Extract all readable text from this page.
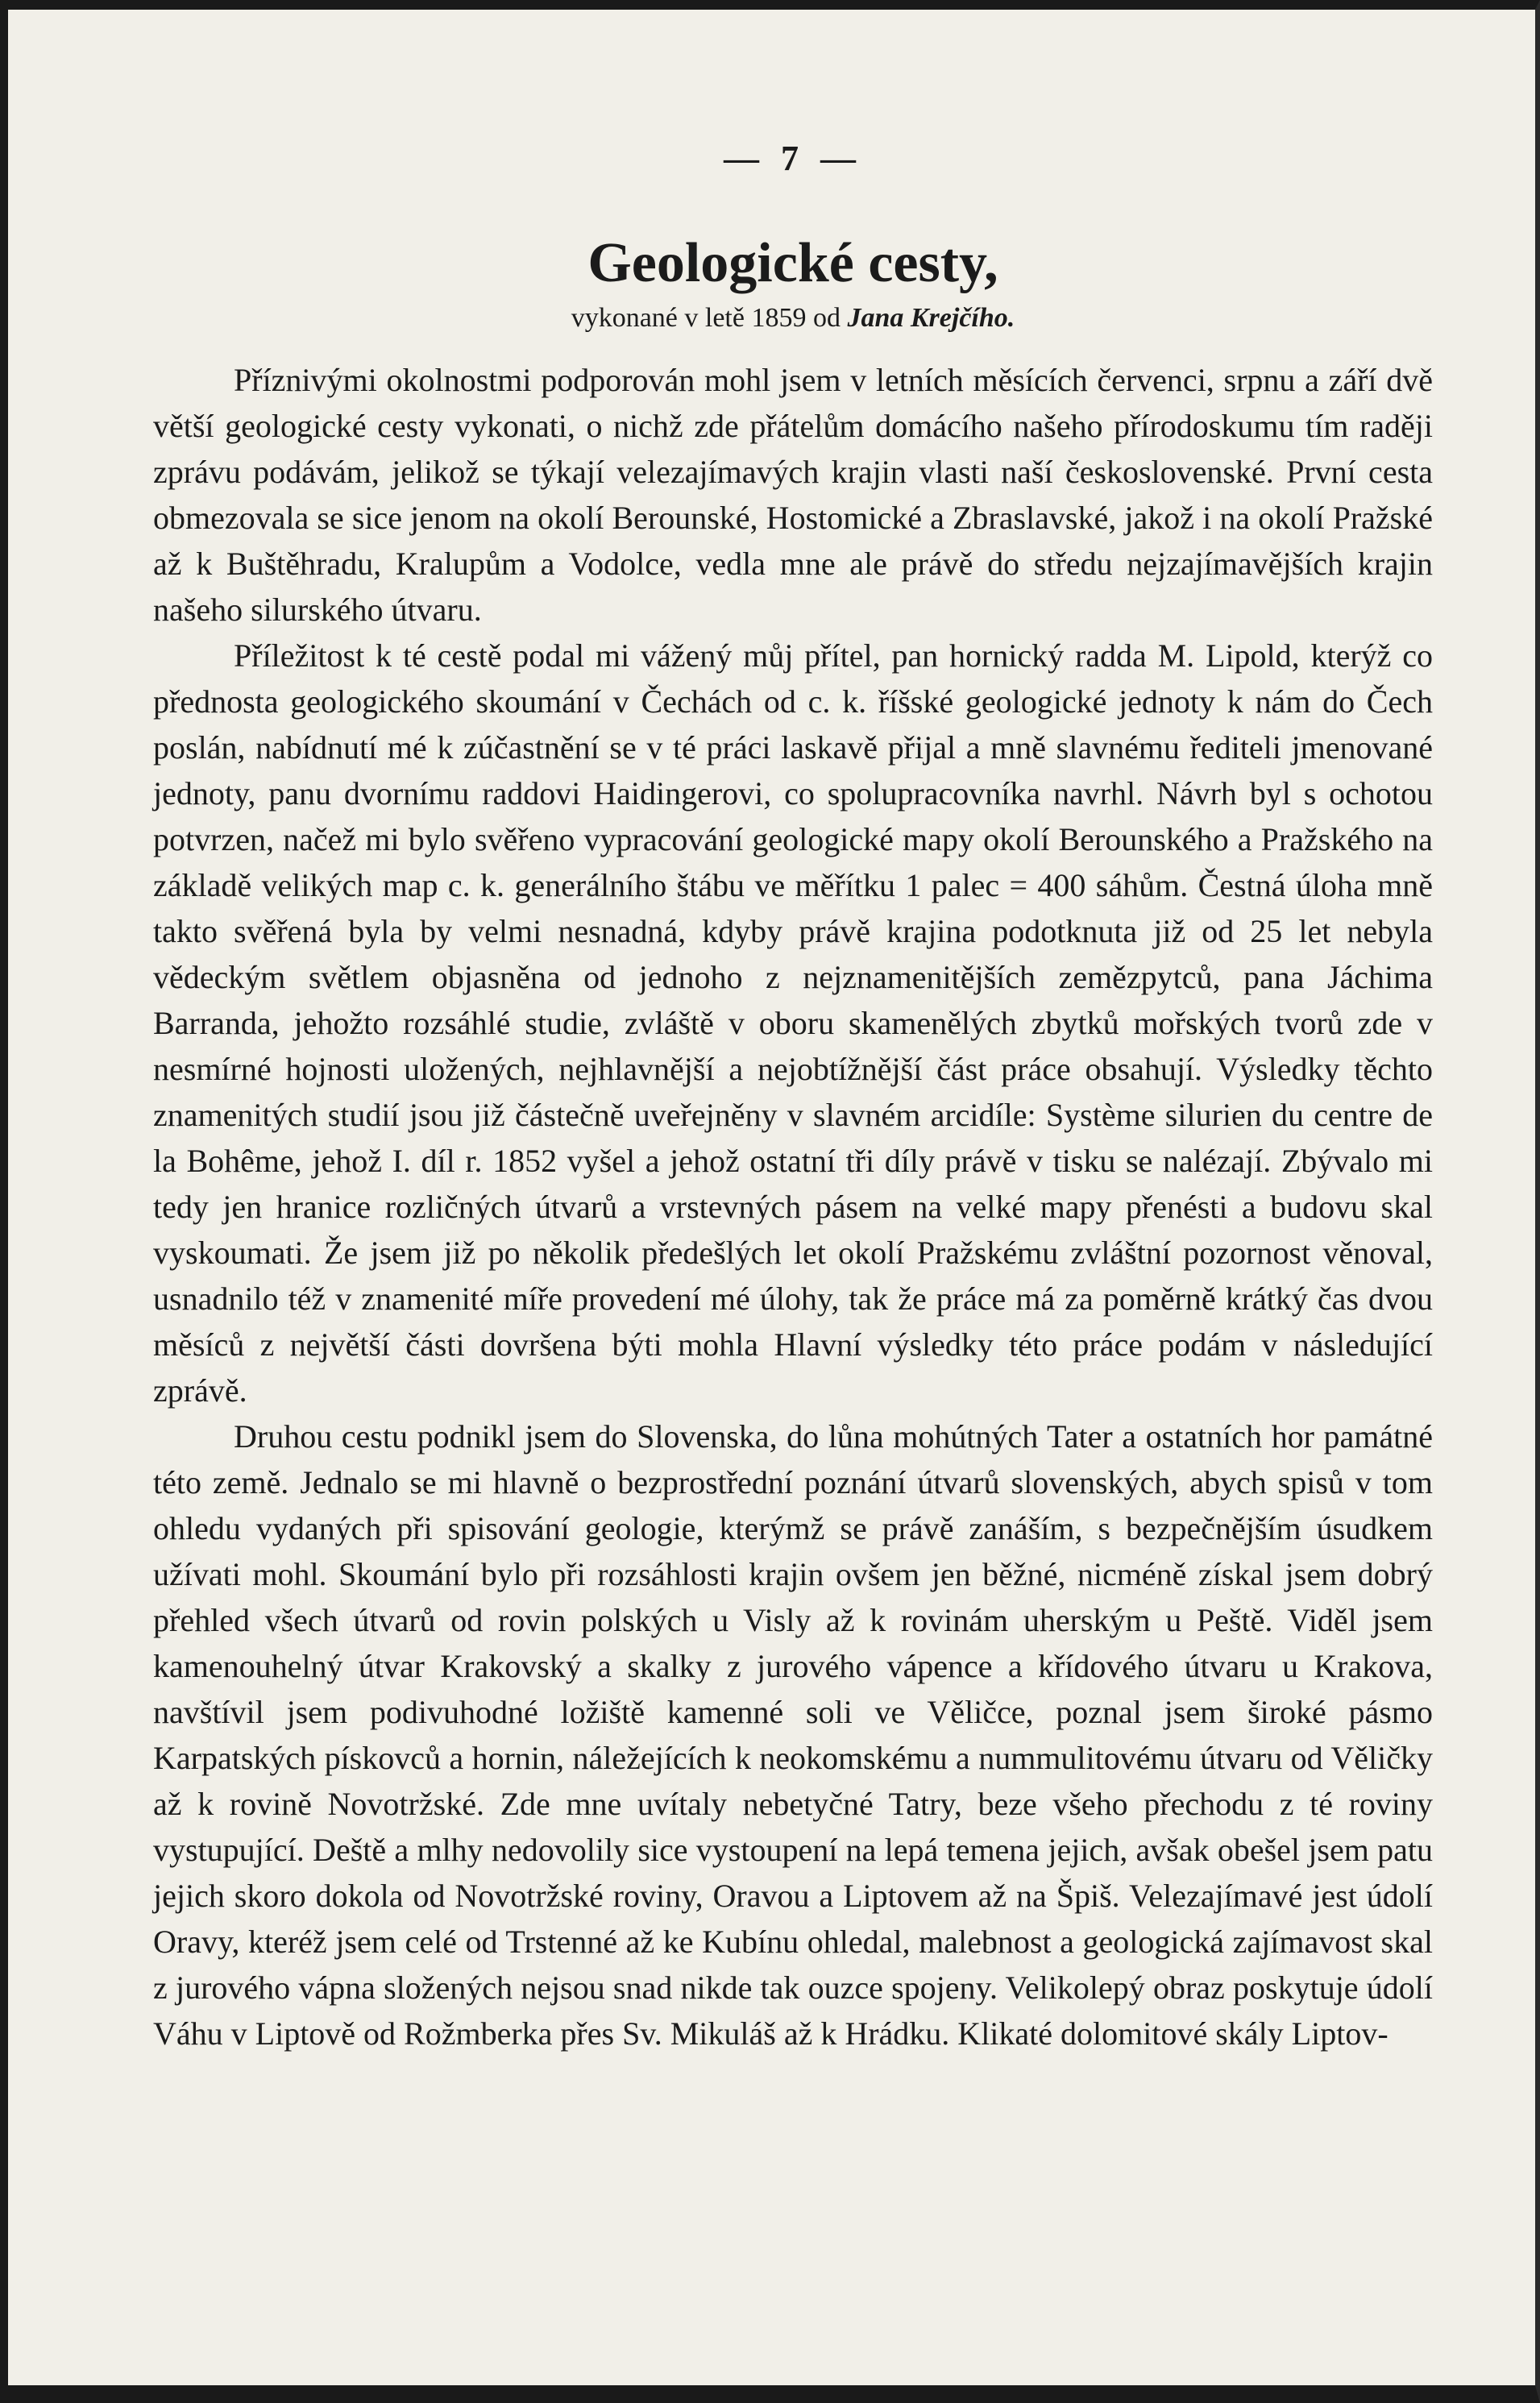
— 7 —
Geologické cesty,
vykonané v letě 1859 od Jana Krejčího.

Příznivými okolnostmi podporován mohl jsem v letních měsících červenci, srpnu a září dvě větší geologické cesty vykonati, o nichž zde přátelům domácího našeho přírodoskumu tím raději zprávu podávám, jelikož se týkají velezajímavých krajin vlasti naší československé. První cesta obmezovala se sice jenom na okolí Berounské, Hostomické a Zbraslavské, jakož i na okolí Pražské až k Buštěhradu, Kralupům a Vodolce, vedla mne ale právě do středu nejzajímavějších krajin našeho silurského útvaru.

Příležitost k té cestě podal mi vážený můj přítel, pan hornický radda M. Lipold, kterýž co přednosta geologického skoumání v Čechách od c. k. říšské geologické jednoty k nám do Čech poslán, nabídnutí mé k zúčastnění se v té práci laskavě přijal a mně slavnému řediteli jmenované jednoty, panu dvornímu raddovi Haidingerovi, co spolupracovníka navrhl. Návrh byl s ochotou potvrzen, načež mi bylo svěřeno vypracování geologické mapy okolí Berounského a Pražského na základě velikých map c. k. generálního štábu ve měřítku 1 palec = 400 sáhům. Čestná úloha mně takto svěřená byla by velmi nesnadná, kdyby právě krajina podotknuta již od 25 let nebyla vědeckým světlem objasněna od jednoho z nejznamenitějších zemězpytců, pana Jáchima Barranda, jehožto rozsáhlé studie, zvláště v oboru skamenělých zbytků mořských tvorů zde v nesmírné hojnosti uložených, nejhlavnější a nejobtížnější část práce obsahují. Výsledky těchto znamenitých studií jsou již částečně uveřejněny v slavném arcidíle: Système silurien du centre de la Bohême, jehož I. díl r. 1852 vyšel a jehož ostatní tři díly právě v tisku se nalézají. Zbývalo mi tedy jen hranice rozličných útvarů a vrstevných pásem na velké mapy přenésti a budovu skal vyskoumati. Že jsem již po několik předešlých let okolí Pražskému zvláštní pozornost věnoval, usnadnilo též v znamenité míře provedení mé úlohy, tak že práce má za poměrně krátký čas dvou měsíců z největší části dovršena býti mohla Hlavní výsledky této práce podám v následující zprávě.

Druhou cestu podnikl jsem do Slovenska, do lůna mohútných Tater a ostatních hor památné této země. Jednalo se mi hlavně o bezprostřední poznání útvarů slovenských, abych spisů v tom ohledu vydaných při spisování geologie, kterýmž se právě zanáším, s bezpečnějším úsudkem užívati mohl. Skoumání bylo při rozsáhlosti krajin ovšem jen běžné, nicméně získal jsem dobrý přehled všech útvarů od rovin polských u Visly až k rovinám uherským u Peště. Viděl jsem kamenouhelný útvar Krakovský a skalky z jurového vápence a křídového útvaru u Krakova, navštívil jsem podivuhodné ložiště kamenné soli ve Věličce, poznal jsem široké pásmo Karpatských pískovců a hornin, náležejících k neokomskému a nummulitovému útvaru od Věličky až k rovině Novotržské. Zde mne uvítaly nebetyčné Tatry, beze všeho přechodu z té roviny vystupující. Deště a mlhy nedovolily sice vystoupení na lepá temena jejich, avšak obešel jsem patu jejich skoro dokola od Novotržské roviny, Oravou a Liptovem až na Špiš. Velezajímavé jest údolí Oravy, kteréž jsem celé od Trstenné až ke Kubínu ohledal, malebnost a geologická zajímavost skal z jurového vápna složených nejsou snad nikde tak ouzce spojeny. Velikolepý obraz poskytuje údolí Váhu v Liptově od Rožmberka přes Sv. Mikuláš až k Hrádku. Klikaté dolomitové skály Liptov-
